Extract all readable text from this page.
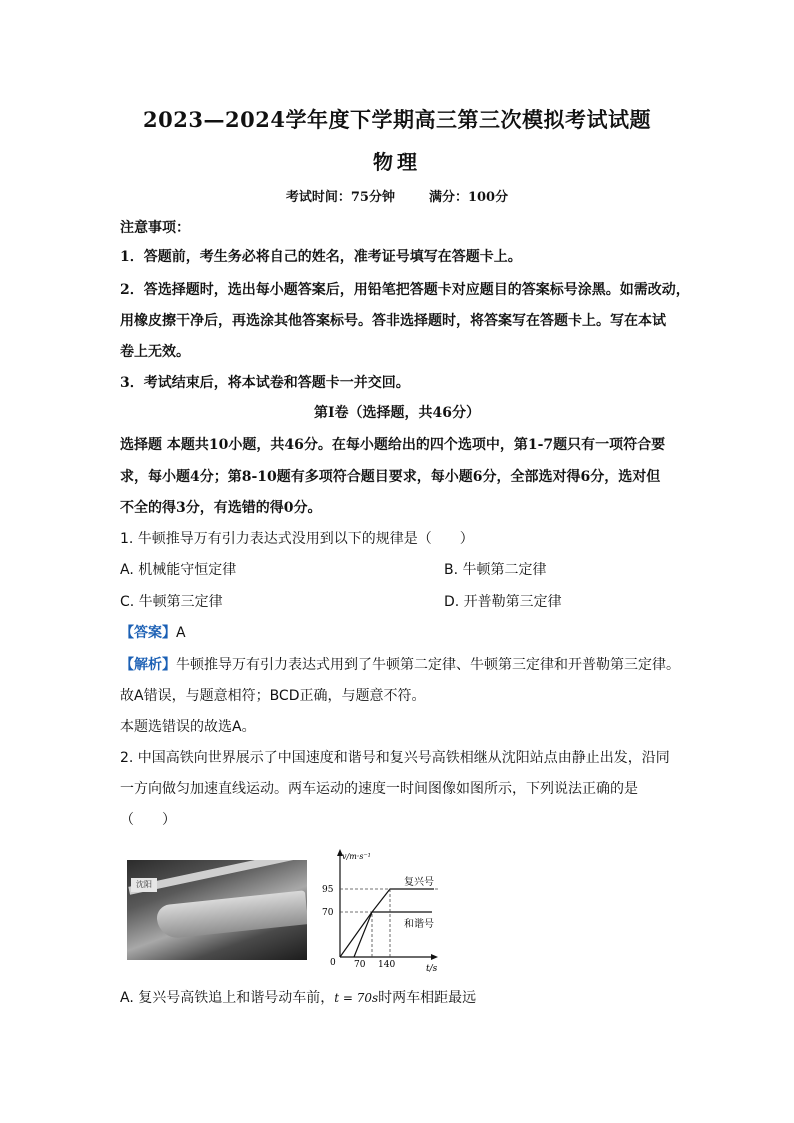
2023—2024学年度下学期高三第三次模拟考试试题
物理
考试时间：75分钟	满分：100分
注意事项：
1．答题前，考生务必将自己的姓名，准考证号填写在答题卡上。
2．答选择题时，选出每小题答案后，用铅笔把答题卡对应题目的答案标号涂黑。如需改动，
用橡皮擦干净后，再选涂其他答案标号。答非选择题时，将答案写在答题卡上。写在本试
卷上无效。
3．考试结束后，将本试卷和答题卡一并交回。
第Ⅰ卷（选择题，共46分）
选择题 本题共10小题，共46分。在每小题给出的四个选项中，第1-7题只有一项符合要
求，每小题4分；第8-10题有多项符合题目要求，每小题6分，全部选对得6分，选对但
不全的得3分，有选错的得0分。
1. 牛顿推导万有引力表达式没用到以下的规律是（　　）
A. 机械能守恒定律	B. 牛顿第二定律
C. 牛顿第三定律	D. 开普勒第三定律
【答案】A
【解析】牛顿推导万有引力表达式用到了牛顿第二定律、牛顿第三定律和开普勒第三定律。
故A错误，与题意相符；BCD正确，与题意不符。
本题选错误的故选A。
2. 中国高铁向世界展示了中国速度和谐号和复兴号高铁相继从沈阳站点由静止出发，沿同
一方向做匀加速直线运动。两车运动的速度一时间图像如图所示，下列说法正确的是
（　　）
沈阳
v/m·s⁻¹
95
70
0 70 140	t/s
复兴号
和谐号
A. 复兴号高铁追上和谐号动车前，t = 70s时两车相距最远
